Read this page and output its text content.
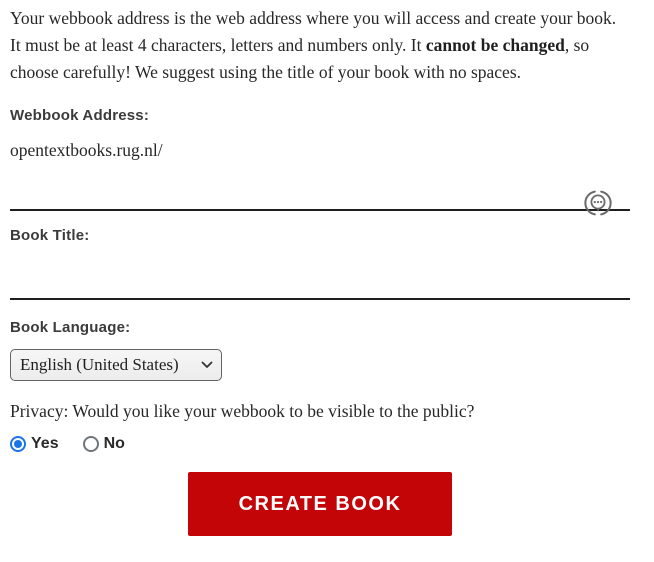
Your webbook address is the web address where you will access and create your book. It must be at least 4 characters, letters and numbers only. It cannot be changed, so choose carefully! We suggest using the title of your book with no spaces.

Webbook Address:
opentextbooks.rug.nl/
Book Title:
Book Language:
English (United States)

Privacy: Would you like your webbook to be visible to the public?

Yes	No
CREATE BOOK
